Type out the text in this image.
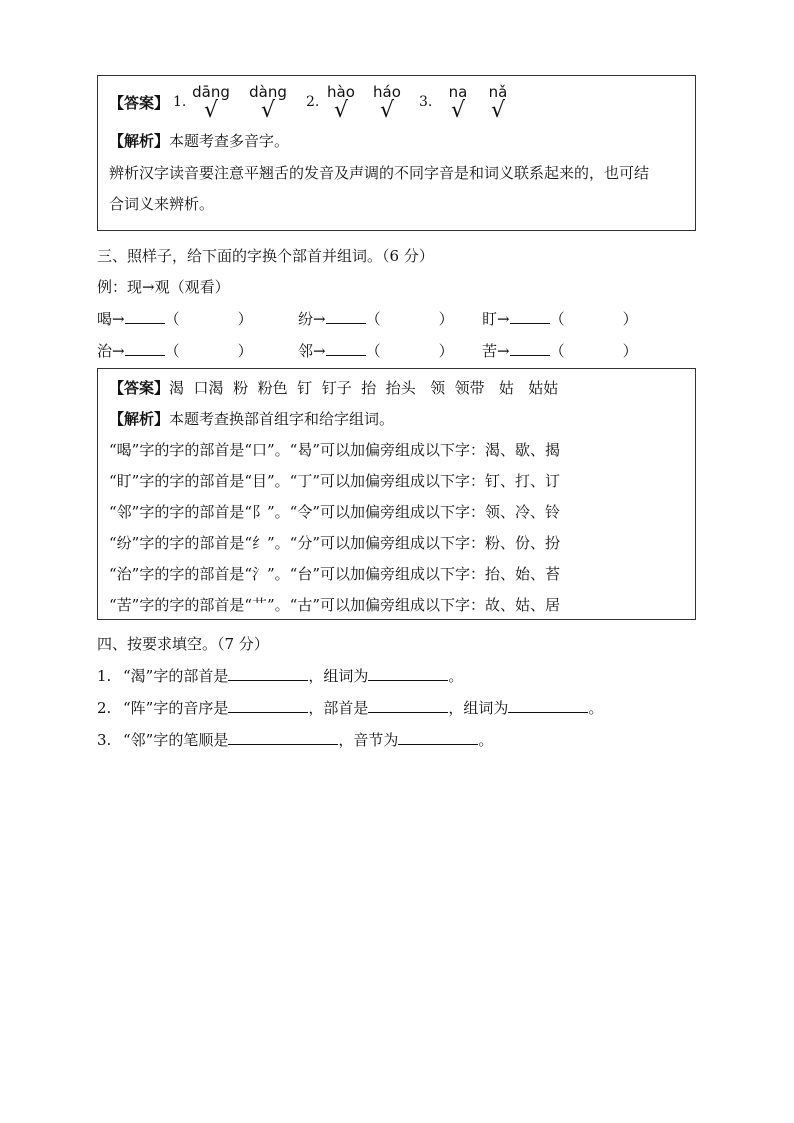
【答案】 1.
dāng
√
dàng
√	2.
hào
√
háo
√	3.
na
√
nǎ
√
【解析】本题考查多音字。
辨析汉字读音要注意平翘舌的发音及声调的不同字音是和词义联系起来的，也可结
合词义来辨析。
三、照样子，给下面的字换个部首并组词。（6 分）
例：现→观（观看）
喝→	（	）	纷→	（	） 盯→	（	）
治→	（	）	邻→	（	） 苦→	（	）
【答案】渴  口渴  粉  粉色  钉  钉子  抬  抬头   领  领带   姑   姑姑
【解析】本题考查换部首组字和给字组词。
“喝”字的字的部首是“口”。“曷”可以加偏旁组成以下字：渴、歇、揭
“盯”字的字的部首是“目”。“丁”可以加偏旁组成以下字：钉、打、订
“邻”字的字的部首是“阝”。“令”可以加偏旁组成以下字：领、冷、铃
“纷”字的字的部首是“纟”。“分”可以加偏旁组成以下字：粉、份、扮
“治”字的字的部首是“氵”。“台”可以加偏旁组成以下字：抬、始、苔
“苦”字的字的部首是“艹”。“古”可以加偏旁组成以下字：故、姑、居
四、按要求填空。（7 分）
1. “渴”字的部首是	，组词为	。
2. “阵”字的音序是	，部首是	，组词为	。
3. “邻”字的笔顺是	，音节为	。
